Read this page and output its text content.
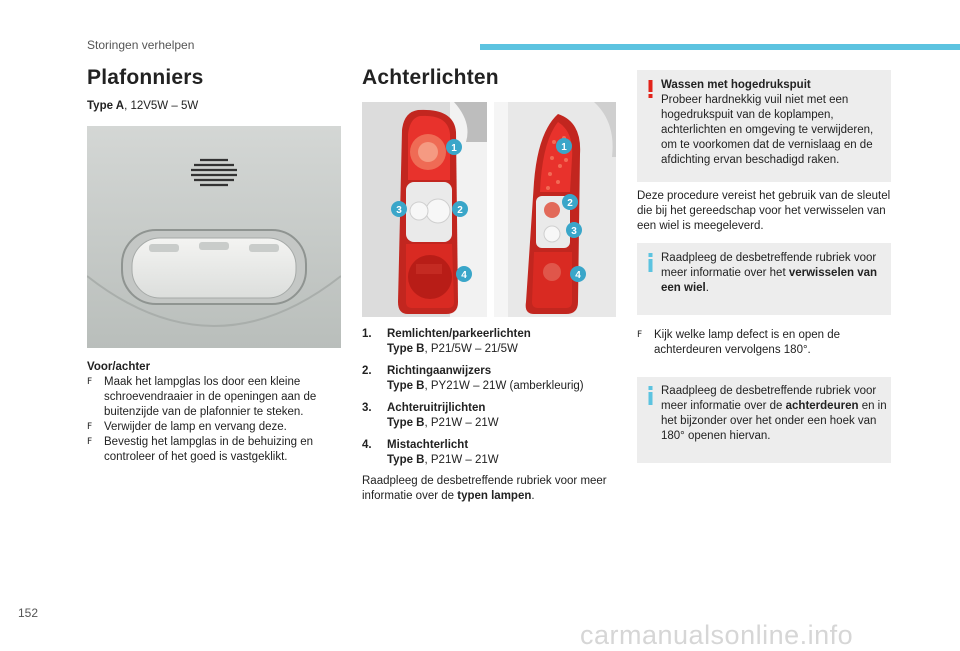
Storingen verhelpen
Plafonniers
Type A, 12V5W – 5W
Voor/achter
F Maak het lampglas los door een kleine schroevendraaier in de openingen aan de buitenzijde van de plafonnier te steken.
F Verwijder de lamp en vervang deze.
F Bevestig het lampglas in de behuizing en controleer of het goed is vastgeklikt.
Achterlichten
1
3	2
4
1
2
3
4
1. Remlichten/parkeerlichten
Type B, P21/5W – 21/5W
2. Richtingaanwijzers
Type B, PY21W – 21W (amberkleurig)
3. Achteruitrijlichten
Type B, P21W – 21W
4. Mistachterlicht
Type B, P21W – 21W
Raadpleeg de desbetreffende rubriek voor meer informatie over de typen lampen.
Wassen met hogedrukspuit
Probeer hardnekkig vuil niet met een hogedrukspuit van de koplampen, achterlichten en omgeving te verwijderen, om te voorkomen dat de vernislaag en de afdichting ervan beschadigd raken.
Deze procedure vereist het gebruik van de sleutel die bij het gereedschap voor het verwisselen van een wiel is meegeleverd.
Raadpleeg de desbetreffende rubriek voor meer informatie over het verwisselen van een wiel.
F Kijk welke lamp defect is en open de achterdeuren vervolgens 180°.
Raadpleeg de desbetreffende rubriek voor meer informatie over de achterdeuren en in het bijzonder over het onder een hoek van 180° openen hiervan.
152
carmanualsonline.info
